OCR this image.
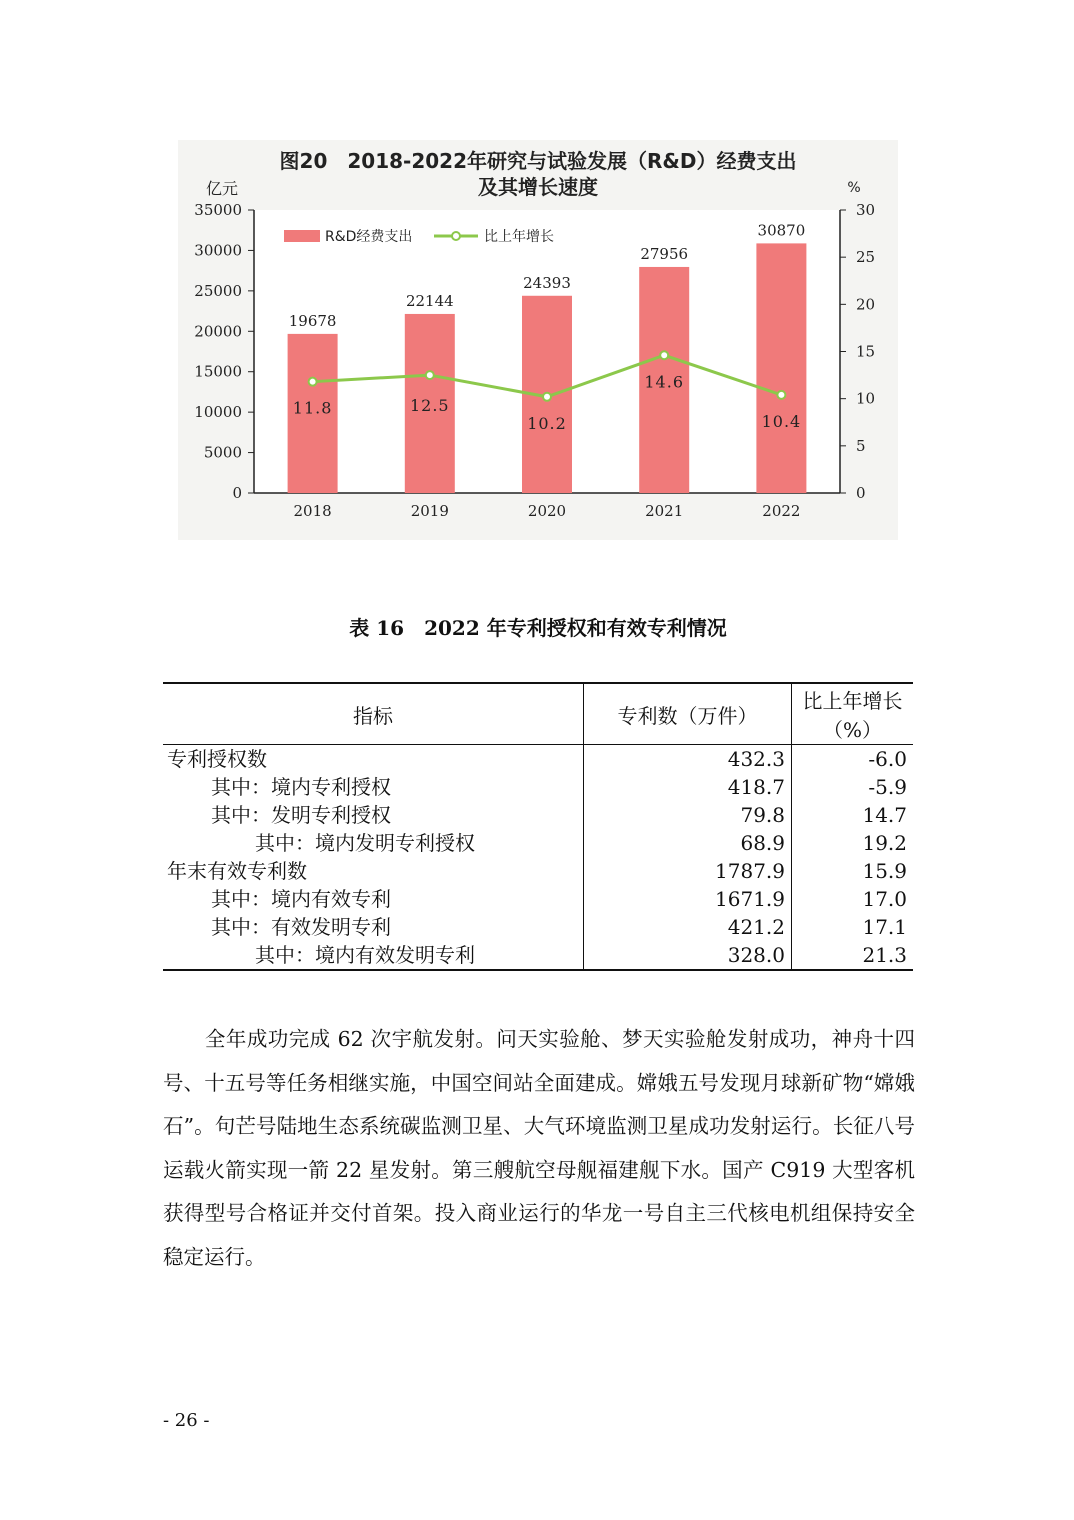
图20　2018-2022年研究与试验发展（R&D）经费支出
及其增长速度
亿元	%
0
5000
10000
15000
20000
25000
30000
35000
0
5
10
15
20
25
30
19678
2018
22144
2019
24393
2020
27956
2021
30870
2022
11.8	12.5
10.2
14.6
10.4
R&D经费支出	比上年增长
表 16　2022 年专利授权和有效专利情况
指标	专利数（万件）	比上年增长（%）
专利授权数	432.3	-6.0
其中：境内专利授权	418.7	-5.9
其中：发明专利授权	79.8	14.7
其中：境内发明专利授权	68.9	19.2
年末有效专利数	1787.9	15.9
其中：境内有效专利	1671.9	17.0
其中：有效发明专利	421.2	17.1
其中：境内有效发明专利	328.0	21.3

　　全年成功完成 62 次宇航发射。问天实验舱、梦天实验舱发射成功，神舟十四号、十五号等任务相继实施，中国空间站全面建成。嫦娥五号发现月球新矿物“嫦娥石”。句芒号陆地生态系统碳监测卫星、大气环境监测卫星成功发射运行。长征八号运载火箭实现一箭 22 星发射。第三艘航空母舰福建舰下水。国产 C919 大型客机获得型号合格证并交付首架。投入商业运行的华龙一号自主三代核电机组保持安全稳定运行。

- 26 -
